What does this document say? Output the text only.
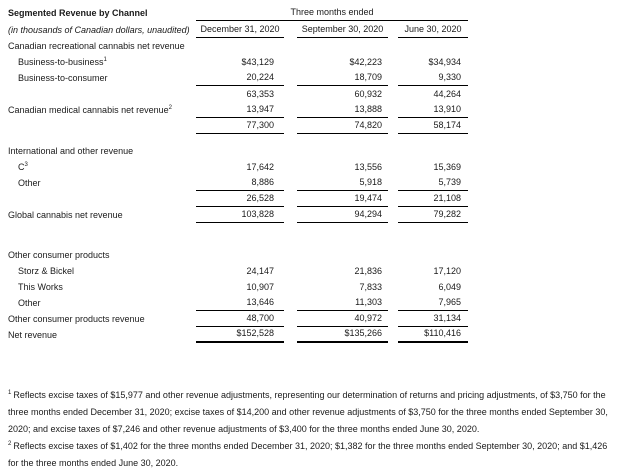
Segmented Revenue by Channel	Three months ended
(in thousands of Canadian dollars, unaudited)	December 31, 2020	September 30, 2020	June 30, 2020
Canadian recreational cannabis net revenue
Business-to-business$^1$	$43,129	$42,223	$34,934
Business-to-consumer	20,224	18,709	9,330
63,353	60,932	44,264
Canadian medical cannabis net revenue$^2$	13,947	13,888	13,910
77,300	74,820	58,174
International and other revenue
$C^3$	17,642	13,556	15,369
Other	8,886	5,918	5,739
26,528	19,474	21,108
Global cannabis net revenue	103,828	94,294	79,282
Other consumer products
Storz & Bickel	24,147	21,836	17,120
This Works	10,907	7,833	6,049
Other	13,646	11,303	7,965
Other consumer products revenue	48,700	40,972	31,134
Net revenue	$152,528	$135,266	$110,416

$^1$ Reflects excise taxes of $15,977 and other revenue adjustments, representing our determination of returns and pricing adjustments, of $3,750 for the three months ended December 31, 2020; excise taxes of $14,200 and other revenue adjustments of $3,750 for the three months ended September 30, 2020; and excise taxes of $7,246 and other revenue adjustments of $3,400 for the three months ended June 30, 2020.

$^2$ Reflects excise taxes of $1,402 for the three months ended December 31, 2020; $1,382 for the three months ended September 30, 2020; and $1,426 for the three months ended June 30, 2020.
